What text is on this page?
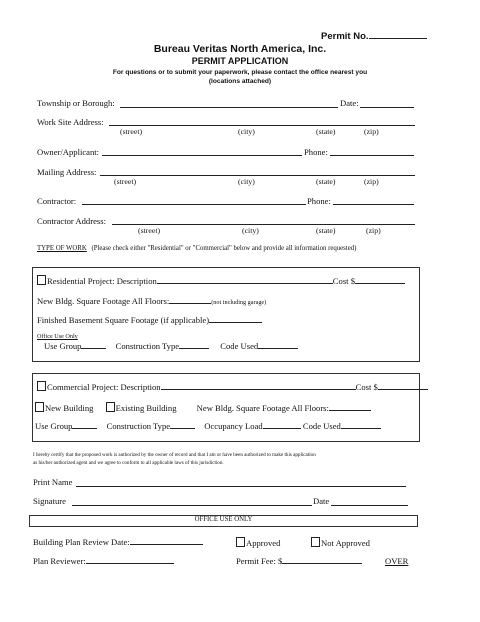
Permit No.
Bureau Veritas North America, Inc.
PERMIT APPLICATION
For questions or to submit your paperwork, please contact the office nearest you
(locations attached)
Township or Borough:	Date:
Work Site Address:
(street)	(city)	(state)	(zip)
Owner/Applicant:	Phone:
Mailing Address:
(street)	(city)	(state)	(zip)
Contractor:	Phone:
Contractor Address:
(street)	(city)	(state)	(zip)
TYPE OF WORK (Please check either "Residential" or "Commercial" below and provide all information requested)
Residential Project: Description	Cost $
New Bldg. Square Footage All Floors:	(not including garage)
Finished Basement Square Footage (if applicable)
Office Use Only
Use Group	Construction Type	Code Used
Commercial Project: Description	Cost $
New Building	Existing Building New Bldg. Square Footage All Floors:
Use Group	Construction Type	Occupancy Load	Code Used
I hereby certify that the proposed work is authorized by the owner of record and that I am or have been authorized to make this application
as his/her authorized agent and we agree to conform to all applicable laws of this jurisdiction.
Print Name
Signature	Date
OFFICE USE ONLY
Building Plan Review Date:	Approved	Not Approved
Plan Reviewer:	Permit Fee: $	OVER
